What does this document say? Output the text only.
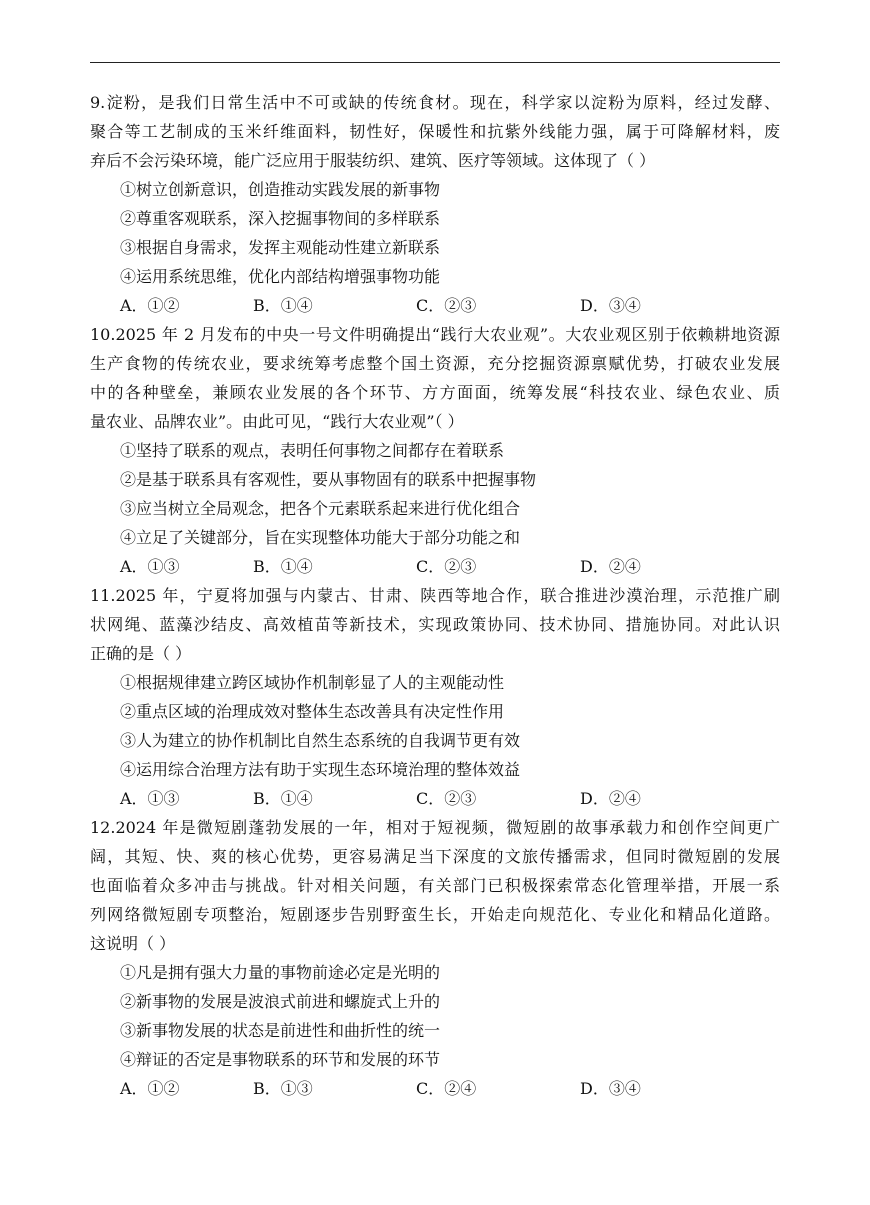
9.淀粉，是我们日常生活中不可或缺的传统食材。现在，科学家以淀粉为原料，经过发酵、
聚合等工艺制成的玉米纤维面料，韧性好，保暖性和抗紫外线能力强，属于可降解材料，废
弃后不会污染环境，能广泛应用于服装纺织、建筑、医疗等领域。这体现了（ ）
①树立创新意识，创造推动实践发展的新事物
②尊重客观联系，深入挖掘事物间的多样联系
③根据自身需求，发挥主观能动性建立新联系
④运用系统思维，优化内部结构增强事物功能
A．①②	B．①④	C．②③	D．③④
10.2025 年 2 月发布的中央一号文件明确提出“践行大农业观”。大农业观区别于依赖耕地资源
生产食物的传统农业，要求统筹考虑整个国土资源，充分挖掘资源禀赋优势，打破农业发展
中的各种壁垒，兼顾农业发展的各个环节、方方面面，统筹发展“科技农业、绿色农业、质
量农业、品牌农业”。由此可见，“践行大农业观”（ ）
①坚持了联系的观点，表明任何事物之间都存在着联系
②是基于联系具有客观性，要从事物固有的联系中把握事物
③应当树立全局观念，把各个元素联系起来进行优化组合
④立足了关键部分，旨在实现整体功能大于部分功能之和
A．①③	B．①④	C．②③	D．②④
11.2025 年，宁夏将加强与内蒙古、甘肃、陕西等地合作，联合推进沙漠治理，示范推广刷
状网绳、蓝藻沙结皮、高效植苗等新技术，实现政策协同、技术协同、措施协同。对此认识
正确的是（ ）
①根据规律建立跨区域协作机制彰显了人的主观能动性
②重点区域的治理成效对整体生态改善具有决定性作用
③人为建立的协作机制比自然生态系统的自我调节更有效
④运用综合治理方法有助于实现生态环境治理的整体效益
A．①③	B．①④	C．②③	D．②④
12.2024 年是微短剧蓬勃发展的一年，相对于短视频，微短剧的故事承载力和创作空间更广
阔，其短、快、爽的核心优势，更容易满足当下深度的文旅传播需求，但同时微短剧的发展
也面临着众多冲击与挑战。针对相关问题，有关部门已积极探索常态化管理举措，开展一系
列网络微短剧专项整治，短剧逐步告别野蛮生长，开始走向规范化、专业化和精品化道路。
这说明（ ）
①凡是拥有强大力量的事物前途必定是光明的
②新事物的发展是波浪式前进和螺旋式上升的
③新事物发展的状态是前进性和曲折性的统一
④辩证的否定是事物联系的环节和发展的环节
A．①②	B．①③	C．②④	D．③④
